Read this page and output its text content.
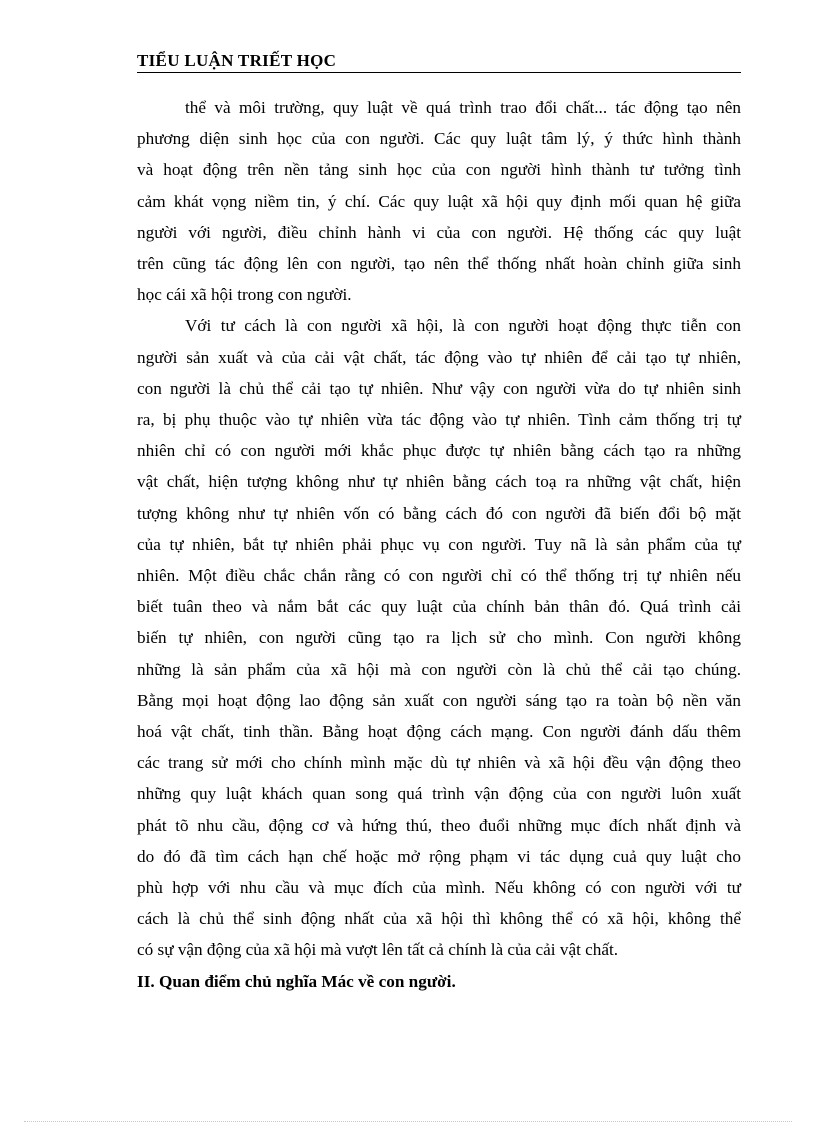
TIỂU LUẬN TRIẾT HỌC

thể và môi trường, quy luật về quá trình trao đổi chất... tác động tạo nên
phương diện sinh học của con người. Các quy luật tâm lý, ý thức hình thành
và hoạt động trên nền tảng sinh học của con người hình thành tư tưởng tình
cảm khát vọng niềm tin, ý chí. Các quy luật xã hội quy định mối quan hệ giữa
người với người, điều chỉnh hành vi của con người. Hệ thống các quy luật
trên cũng tác động lên con người, tạo nên thể thống nhất hoàn chỉnh giữa sinh
học cái xã hội trong con người.

Với tư cách là con người xã hội, là con người hoạt động thực tiễn con
người sản xuất và của cải vật chất, tác động vào tự nhiên để cải tạo tự nhiên,
con người là chủ thể cải tạo tự nhiên. Như vậy con người vừa do tự nhiên sinh
ra, bị phụ thuộc vào tự nhiên vừa tác động vào tự nhiên. Tình cảm thống trị tự
nhiên chỉ có con người mới khắc phục được tự nhiên bằng cách tạo ra những
vật chất, hiện tượng không như tự nhiên bằng cách toạ ra những vật chất, hiện
tượng không như tự nhiên vốn có bằng cách đó con người đã biến đổi bộ mặt
của tự nhiên, bắt tự nhiên phải phục vụ con người. Tuy nã là sản phẩm của tự
nhiên. Một điều chắc chắn rằng có con người chỉ có thể thống trị tự nhiên nếu
biết tuân theo và nắm bắt các quy luật của chính bản thân đó. Quá trình cải
biến tự nhiên, con người cũng tạo ra lịch sử cho mình. Con người không
những là sản phẩm của xã hội mà con người còn là chủ thể cải tạo chúng.
Bằng mọi hoạt động lao động sản xuất con người sáng tạo ra toàn bộ nền văn
hoá vật chất, tinh thần. Bằng hoạt động cách mạng. Con người đánh dấu thêm
các trang sử mới cho chính mình mặc dù tự nhiên và xã hội đều vận động theo
những quy luật khách quan song quá trình vận động của con người luôn xuất
phát tõ nhu cầu, động cơ và hứng thú, theo đuổi những mục đích nhất định và
do đó đã tìm cách hạn chế hoặc mở rộng phạm vi tác dụng cuả quy luật cho
phù hợp với nhu cầu và mục đích của mình. Nếu không có con người với tư
cách là chủ thể sinh động nhất của xã hội thì không thể có xã hội, không thể
có sự vận động của xã hội mà vượt lên tất cả chính là của cải vật chất.

II. Quan điểm chủ nghĩa Mác về con người.
